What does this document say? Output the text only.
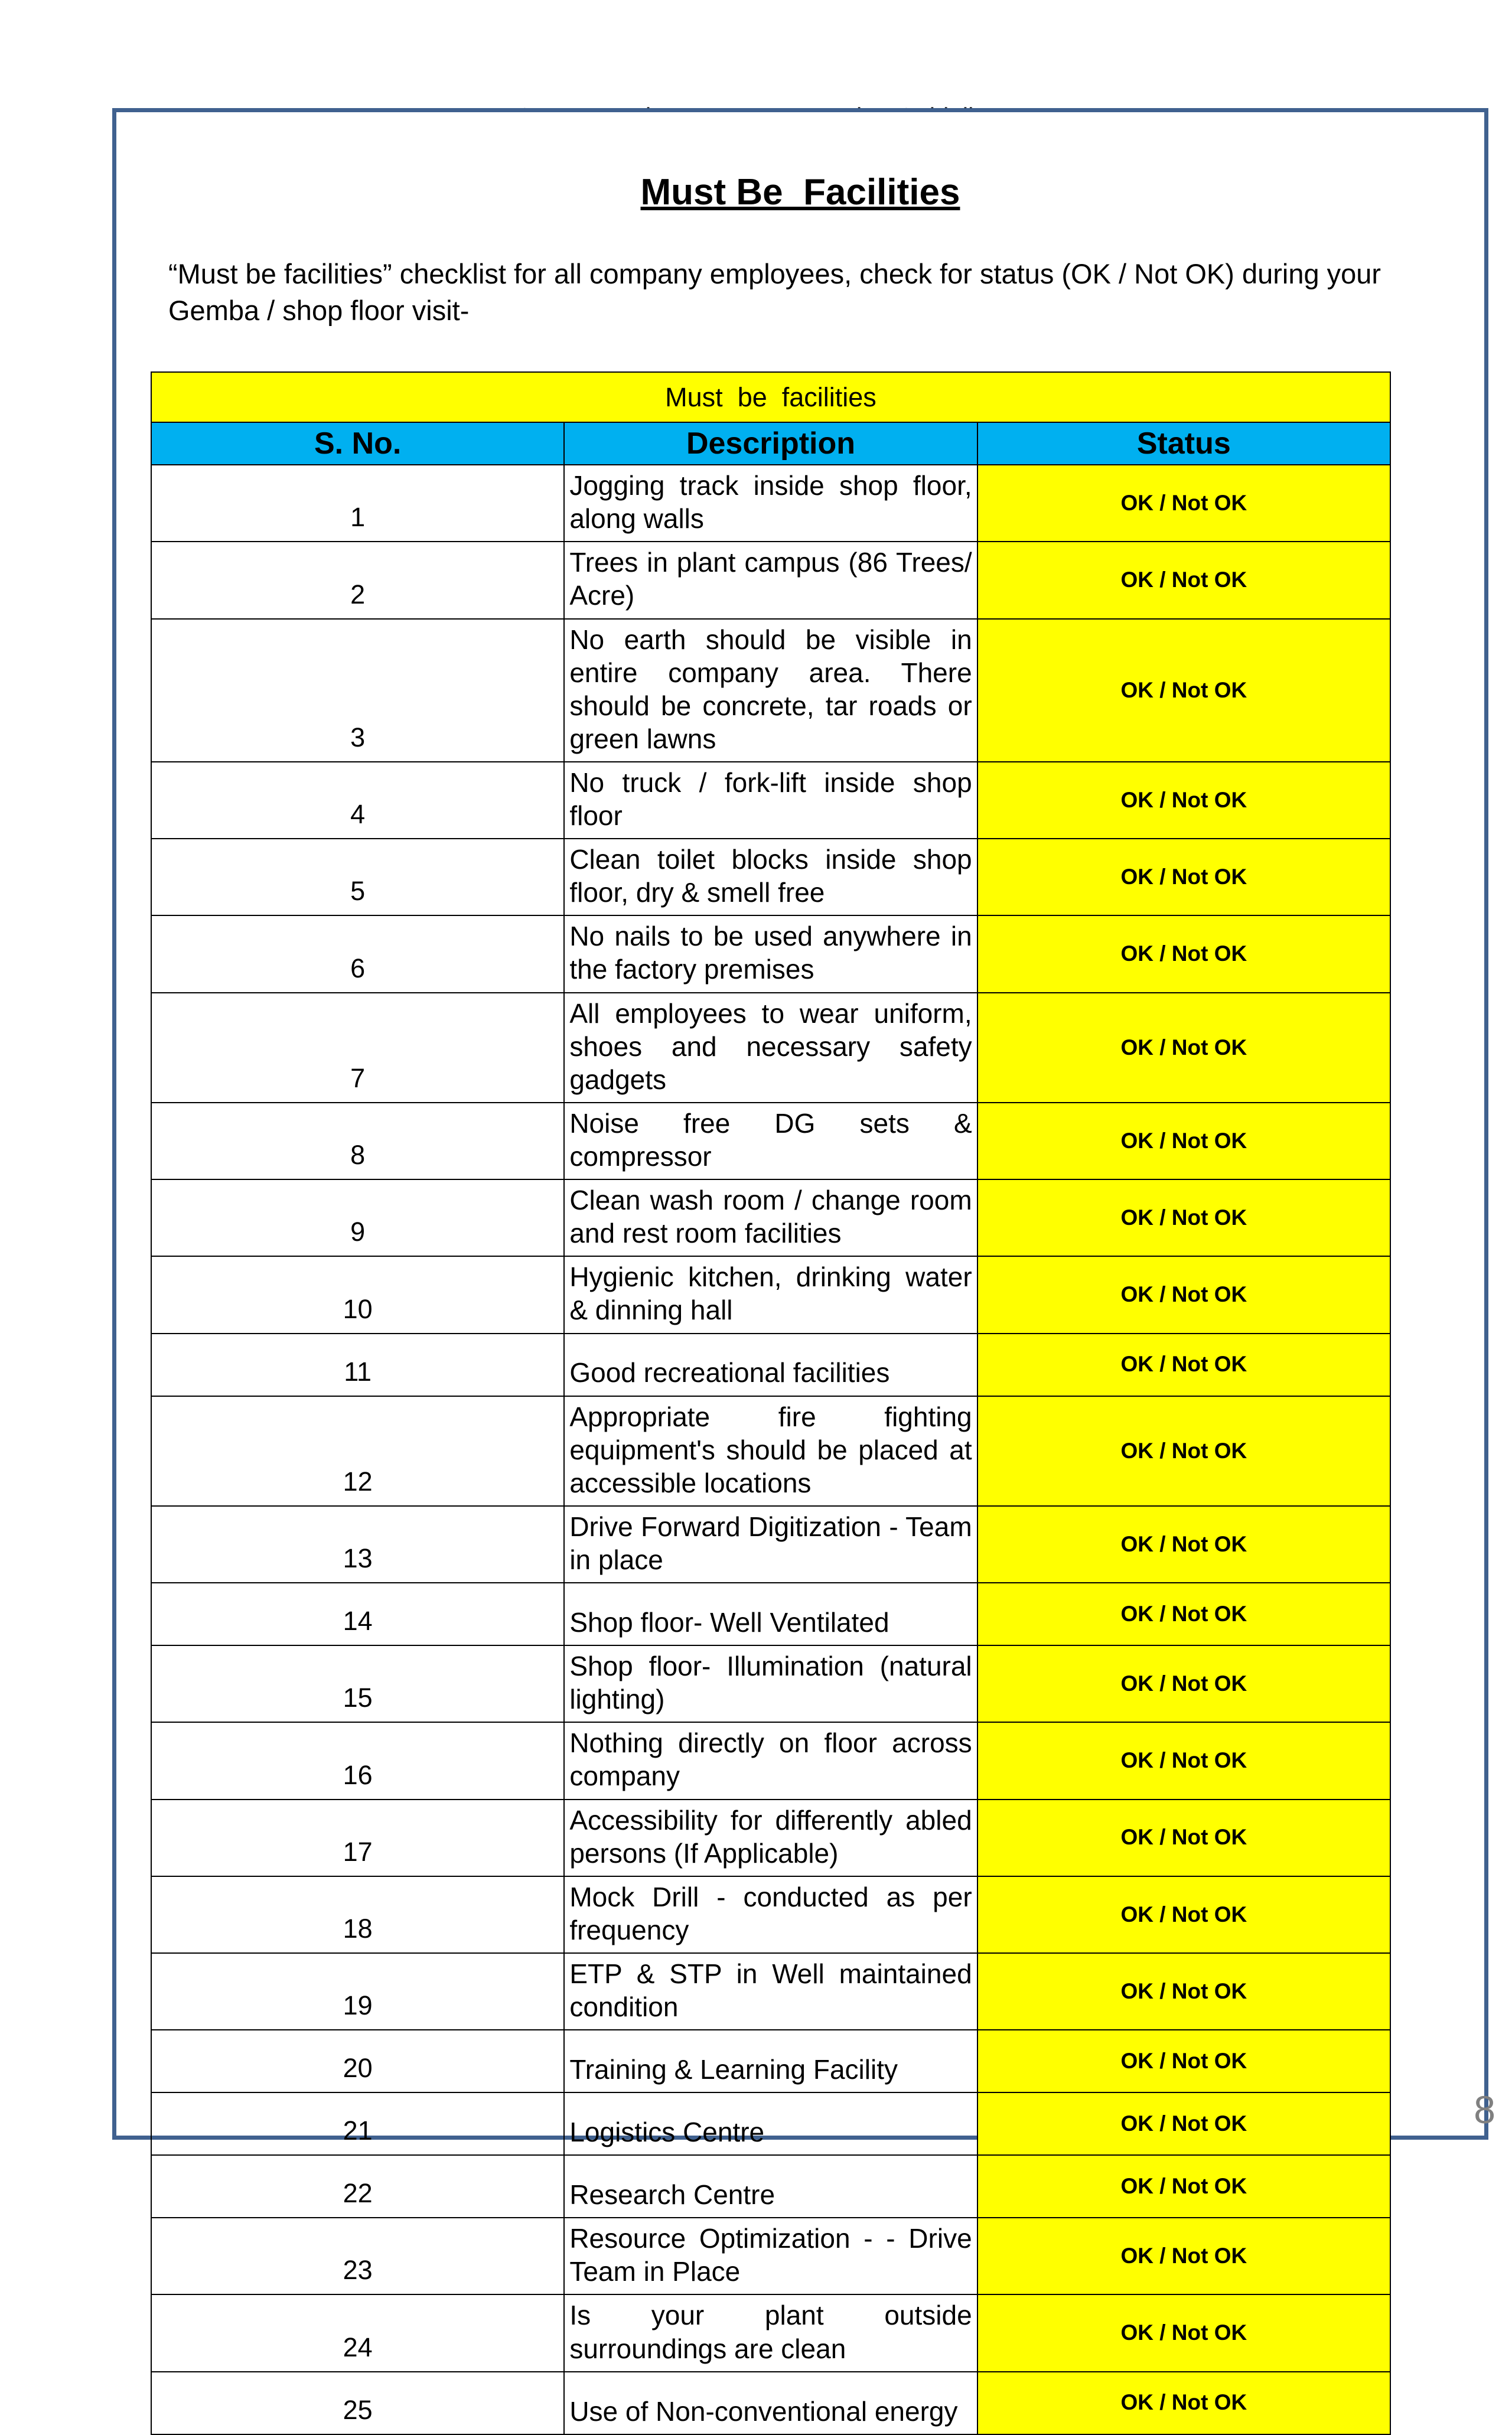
Must Be  Facilities

“Must be facilities” checklist for all company employees, check for status (OK / Not OK) during your Gemba / shop floor visit-

Must  be  facilities		
S. No.	Description	Status
1	Jogging track inside shop floor, along walls	OK / Not OK
2	Trees in plant campus (86 Trees/ Acre)	OK / Not OK
3	No earth should be visible in entire company area. There should be concrete, tar roads or green lawns	OK / Not OK
4	No truck / fork-lift inside shop floor	OK / Not OK
5	Clean toilet blocks inside shop floor, dry & smell free	OK / Not OK
6	No nails to be used anywhere in the factory premises	OK / Not OK
7	All employees to wear uniform, shoes and necessary safety gadgets	OK / Not OK
8	Noise free DG sets & compressor	OK / Not OK
9	Clean wash room / change room and rest room facilities	OK / Not OK
10	Hygienic kitchen, drinking water & dinning hall	OK / Not OK
11	Good recreational facilities	OK / Not OK
12	Appropriate fire fighting equipment's should be placed at accessible locations	OK / Not OK
13	Drive Forward Digitization - Team in place	OK / Not OK
14	Shop floor- Well Ventilated	OK / Not OK
15	Shop floor- Illumination (natural lighting)	OK / Not OK
16	Nothing directly on floor across company	OK / Not OK
17	Accessibility for differently abled persons (If Applicable)	OK / Not OK
18	Mock Drill - conducted as per frequency	OK / Not OK
19	ETP & STP in Well maintained condition	OK / Not OK
20	Training & Learning Facility	OK / Not OK
21	Logistics Centre	OK / Not OK
22	Research Centre	OK / Not OK
23	Resource Optimization - - Drive Team in Place	OK / Not OK
24	Is your plant outside surroundings are clean	OK / Not OK
25	Use of Non-conventional energy	OK / Not OK
8
